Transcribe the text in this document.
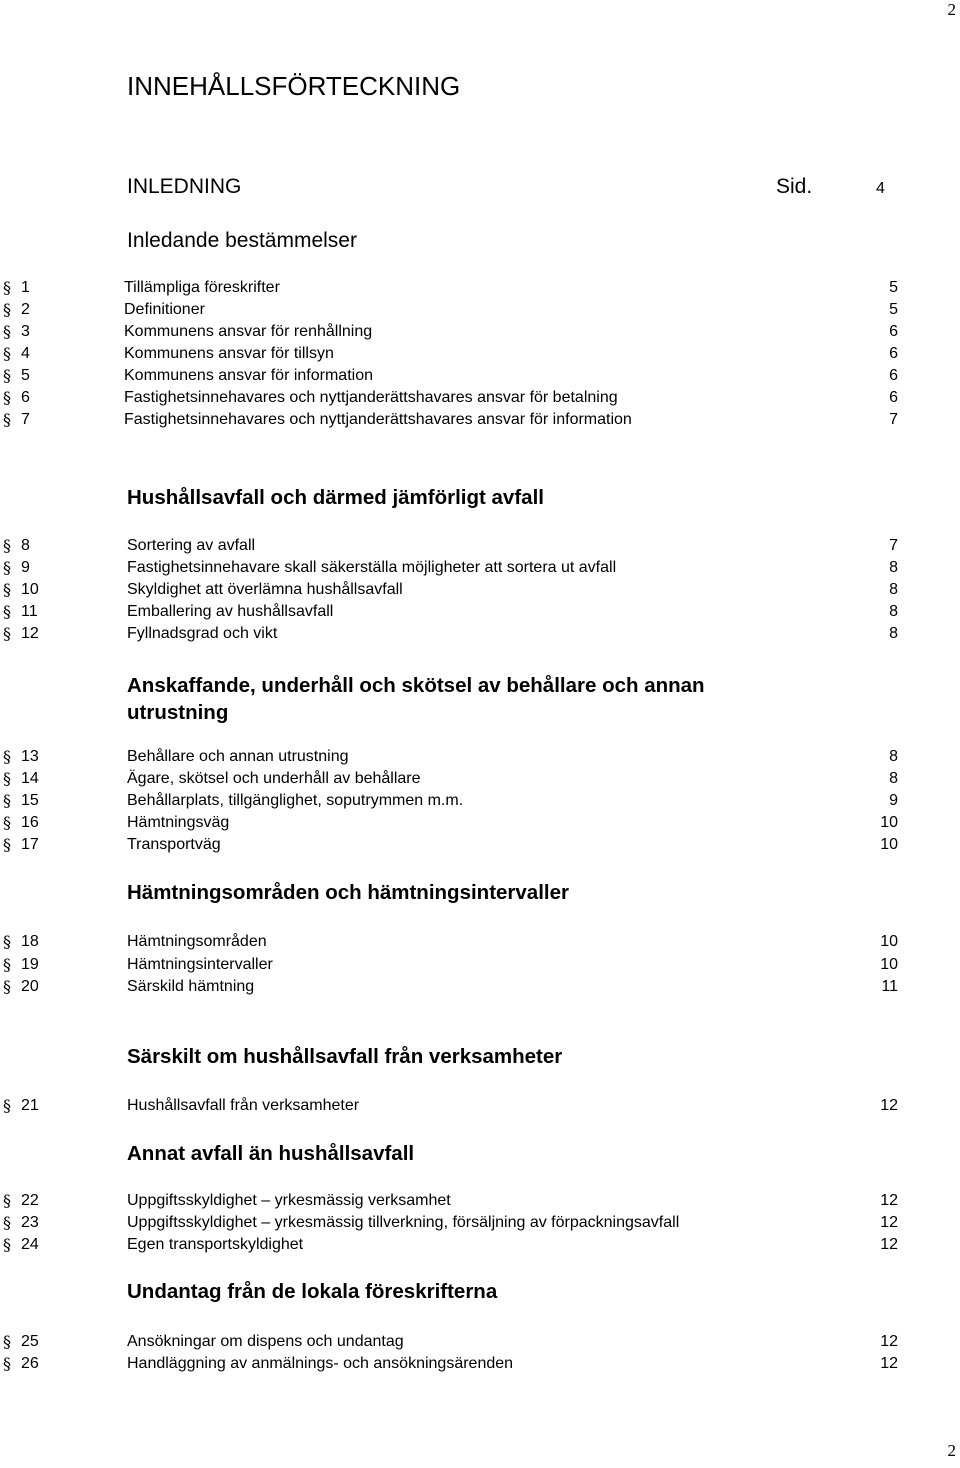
2
INNEHÅLLSFÖRTECKNING
INLEDNING	Sid.	4
Inledande bestämmelser
§ 1	Tillämpliga föreskrifter	5
§ 2	Definitioner	5
§ 3	Kommunens ansvar för renhållning	6
§ 4	Kommunens ansvar för tillsyn	6
§ 5	Kommunens ansvar för information	6
§ 6	Fastighetsinnehavares och nyttjanderättshavares ansvar för betalning	6
§ 7	Fastighetsinnehavares och nyttjanderättshavares ansvar för information	7
Hushållsavfall och därmed jämförligt avfall
§ 8	Sortering av avfall	7
§ 9	Fastighetsinnehavare skall säkerställa möjligheter att sortera ut avfall	8
§ 10	Skyldighet att överlämna hushållsavfall	8
§ 11	Emballering av hushållsavfall	8
§ 12	Fyllnadsgrad och vikt	8
Anskaffande, underhåll och skötsel av behållare och annan
utrustning
§ 13	Behållare och annan utrustning	8
§ 14	Ägare, skötsel och underhåll av behållare	8
§ 15	Behållarplats, tillgänglighet, soputrymmen m.m.	9
§ 16	Hämtningsväg	10
§ 17	Transportväg	10
Hämtningsområden och hämtningsintervaller
§ 18	Hämtningsområden	10
§ 19	Hämtningsintervaller	10
§ 20	Särskild hämtning	11
Särskilt om hushållsavfall från verksamheter
§ 21	Hushållsavfall från verksamheter	12
Annat avfall än hushållsavfall
§ 22	Uppgiftsskyldighet – yrkesmässig verksamhet	12
§ 23	Uppgiftsskyldighet – yrkesmässig tillverkning, försäljning av förpackningsavfall	12
§ 24	Egen transportskyldighet	12
Undantag från de lokala föreskrifterna
§ 25	Ansökningar om dispens och undantag	12
§ 26	Handläggning av anmälnings- och ansökningsärenden	12
2
